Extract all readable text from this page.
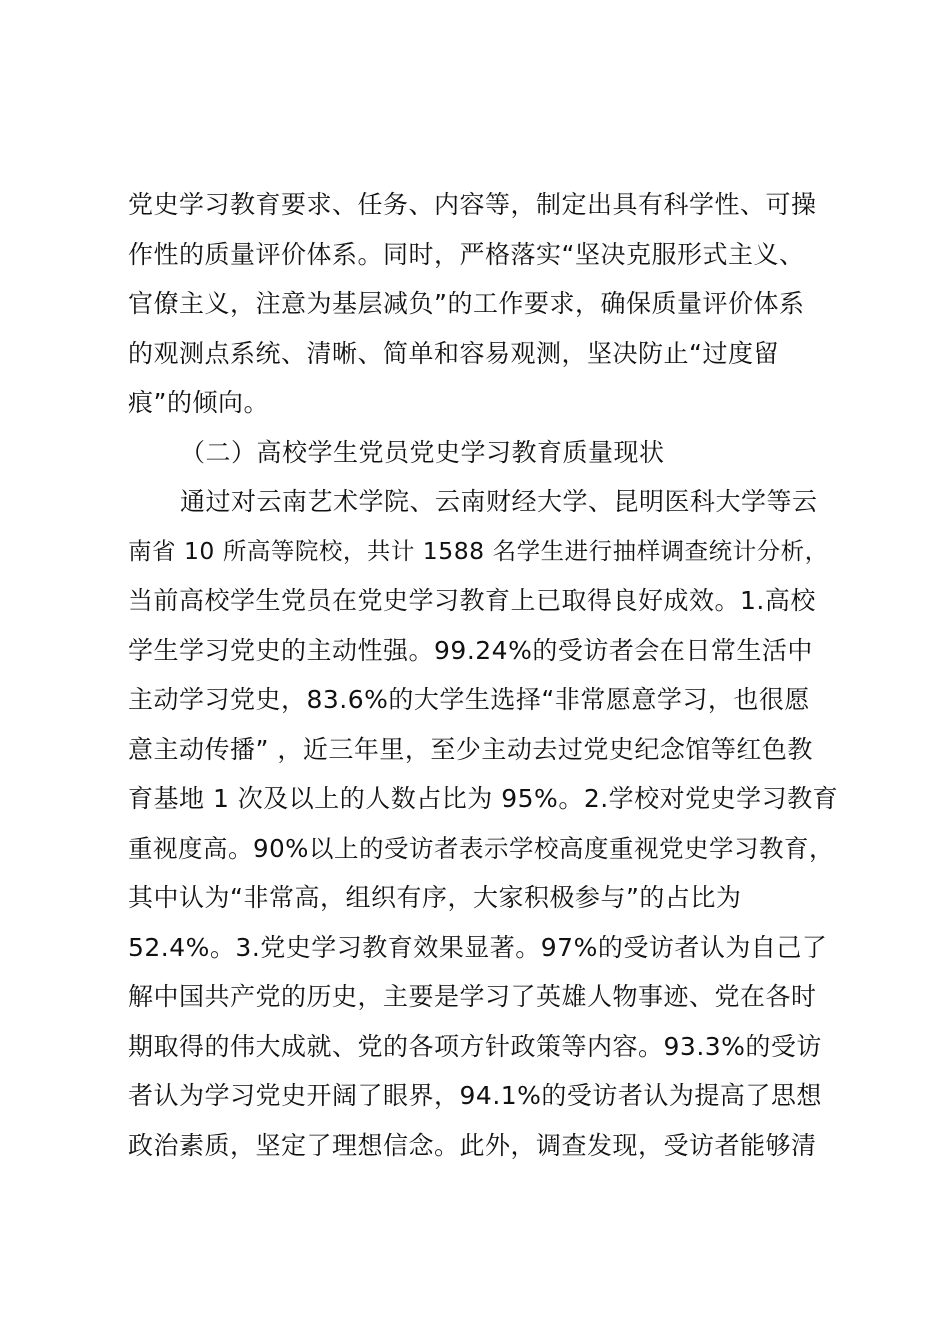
党史学习教育要求、任务、内容等，制定出具有科学性、可操
作性的质量评价体系。同时，严格落实“坚决克服形式主义、
官僚主义，注意为基层减负”的工作要求，确保质量评价体系
的观测点系统、清晰、简单和容易观测，坚决防止“过度留
痕”的倾向。
（二）高校学生党员党史学习教育质量现状
通过对云南艺术学院、云南财经大学、昆明医科大学等云
南省 10 所高等院校，共计 1588 名学生进行抽样调查统计分析，
当前高校学生党员在党史学习教育上已取得良好成效。1.高校
学生学习党史的主动性强。99.24%的受访者会在日常生活中
主动学习党史，83.6%的大学生选择“非常愿意学习，也很愿
意主动传播” ，近三年里，至少主动去过党史纪念馆等红色教
育基地 1 次及以上的人数占比为 95%。2.学校对党史学习教育
重视度高。90%以上的受访者表示学校高度重视党史学习教育，
其中认为“非常高，组织有序，大家积极参与”的占比为
52.4%。3.党史学习教育效果显著。97%的受访者认为自己了
解中国共产党的历史，主要是学习了英雄人物事迹、党在各时
期取得的伟大成就、党的各项方针政策等内容。93.3%的受访
者认为学习党史开阔了眼界，94.1%的受访者认为提高了思想
政治素质，坚定了理想信念。此外，调查发现，受访者能够清
